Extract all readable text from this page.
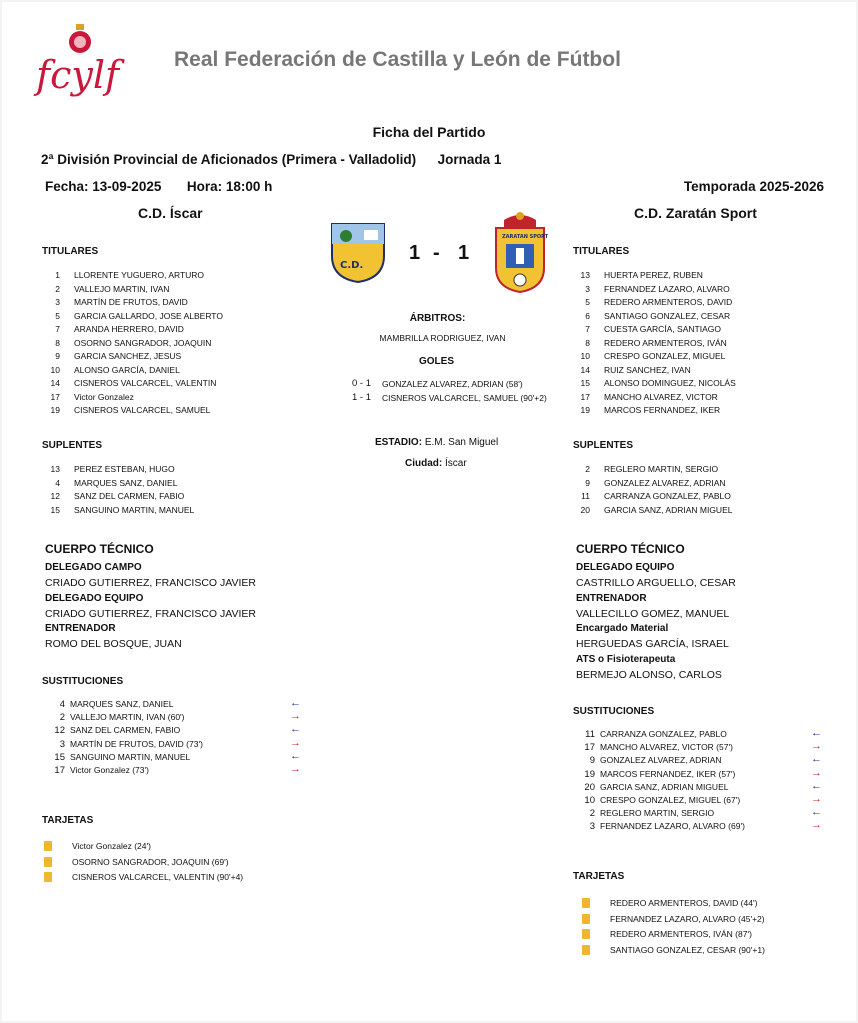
fcylf	Real Federación de Castilla y León de Fútbol
Ficha del Partido
2ª División Provincial de Aficionados (Primera - Valladolid) Jornada 1
Fecha: 13-09-2025 Hora: 18:00 h	Temporada 2025-2026
C.D. Íscar	C.D. Zaratán Sport
C.D.
1 - 1
ZARATAN SPORT
ÁRBITROS:
MAMBRILLA RODRIGUEZ, IVAN
GOLES
0 - 1 GONZALEZ ALVAREZ, ADRIAN (58')
1 - 1 CISNEROS VALCARCEL, SAMUEL (90'+2)
ESTADIO: E.M. San Miguel
Ciudad: Íscar
TITULARES
1 LLORENTE YUGUERO, ARTURO
2 VALLEJO MARTIN, IVAN
3 MARTÍN DE FRUTOS, DAVID
5 GARCIA GALLARDO, JOSE ALBERTO
7 ARANDA HERRERO, DAVID
8 OSORNO SANGRADOR, JOAQUIN
9 GARCIA SANCHEZ, JESUS
10 ALONSO GARCÍA, DANIEL
14 CISNEROS VALCARCEL, VALENTIN
17 Victor Gonzalez
19 CISNEROS VALCARCEL, SAMUEL
SUPLENTES
13 PEREZ ESTEBAN, HUGO
4 MARQUES SANZ, DANIEL
12 SANZ DEL CARMEN, FABIO
15 SANGUINO MARTIN, MANUEL
CUERPO TÉCNICO
DELEGADO CAMPO
CRIADO GUTIERREZ, FRANCISCO JAVIER
DELEGADO EQUIPO
CRIADO GUTIERREZ, FRANCISCO JAVIER
ENTRENADOR
ROMO DEL BOSQUE, JUAN
SUSTITUCIONES
4 MARQUES SANZ, DANIEL	←
2 VALLEJO MARTIN, IVAN (60')	→
12 SANZ DEL CARMEN, FABIO	←
3 MARTÍN DE FRUTOS, DAVID (73')	→
15 SANGUINO MARTIN, MANUEL	←
17 Victor Gonzalez (73')	→
TARJETAS
Victor Gonzalez (24')
OSORNO SANGRADOR, JOAQUIN (69')
CISNEROS VALCARCEL, VALENTIN (90'+4)
TITULARES
13 HUERTA PEREZ, RUBEN
3 FERNANDEZ LAZARO, ALVARO
5 REDERO ARMENTEROS, DAVID
6 SANTIAGO GONZALEZ, CESAR
7 CUESTA GARCÍA, SANTIAGO
8 REDERO ARMENTEROS, IVÁN
10 CRESPO GONZALEZ, MIGUEL
14 RUIZ SANCHEZ, IVAN
15 ALONSO DOMINGUEZ, NICOLÁS
17 MANCHO ALVAREZ, VICTOR
19 MARCOS FERNANDEZ, IKER
SUPLENTES
2 REGLERO MARTIN, SERGIO
9 GONZALEZ ALVAREZ, ADRIAN
11 CARRANZA GONZALEZ, PABLO
20 GARCIA SANZ, ADRIAN MIGUEL
CUERPO TÉCNICO
DELEGADO EQUIPO
CASTRILLO ARGUELLO, CESAR
ENTRENADOR
VALLECILLO GOMEZ, MANUEL
Encargado Material
HERGUEDAS GARCÍA, ISRAEL
ATS o Fisioterapeuta
BERMEJO ALONSO, CARLOS
SUSTITUCIONES
11 CARRANZA GONZALEZ, PABLO	←
17 MANCHO ALVAREZ, VICTOR (57')	→
9 GONZALEZ ALVAREZ, ADRIAN	←
19 MARCOS FERNANDEZ, IKER (57')	→
20 GARCIA SANZ, ADRIAN MIGUEL	←
10 CRESPO GONZALEZ, MIGUEL (67')	→
2 REGLERO MARTIN, SERGIO	←
3 FERNANDEZ LAZARO, ALVARO (69')	→
TARJETAS
REDERO ARMENTEROS, DAVID (44')
FERNANDEZ LAZARO, ALVARO (45'+2)
REDERO ARMENTEROS, IVÁN (87')
SANTIAGO GONZALEZ, CESAR (90'+1)
